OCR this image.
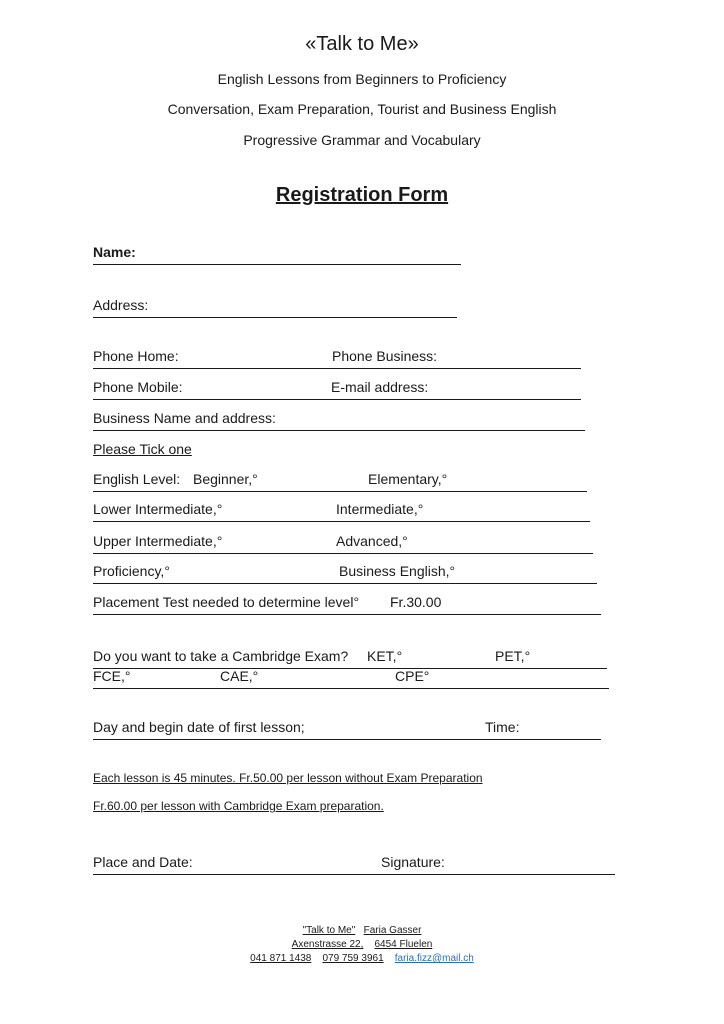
«Talk to Me»
English Lessons from Beginners to Proficiency
Conversation, Exam Preparation, Tourist and Business English
Progressive Grammar and Vocabulary
Registration Form
Name:
Address:
Phone Home:	Phone Business:
Phone Mobile:	E-mail address:
Business Name and address:
Please Tick one
English Level: Beginner,°	Elementary,°
Lower Intermediate,°	Intermediate,°
Upper Intermediate,°	Advanced,°
Proficiency,°	Business English,°
Placement Test needed to determine level° Fr.30.00
Do you want to take a Cambridge Exam? KET,°	PET,°
FCE,°	CAE,°	CPE°
Day and begin date of first lesson;	Time:
Each lesson is 45 minutes. Fr.50.00 per lesson without Exam Preparation
Fr.60.00 per lesson with Cambridge Exam preparation.
Place and Date:	Signature:
"Talk to Me" Faria Gasser
Axenstrasse 22, 6454 Fluelen
041 871 1438 079 759 3961 faria.fizz@mail.ch
